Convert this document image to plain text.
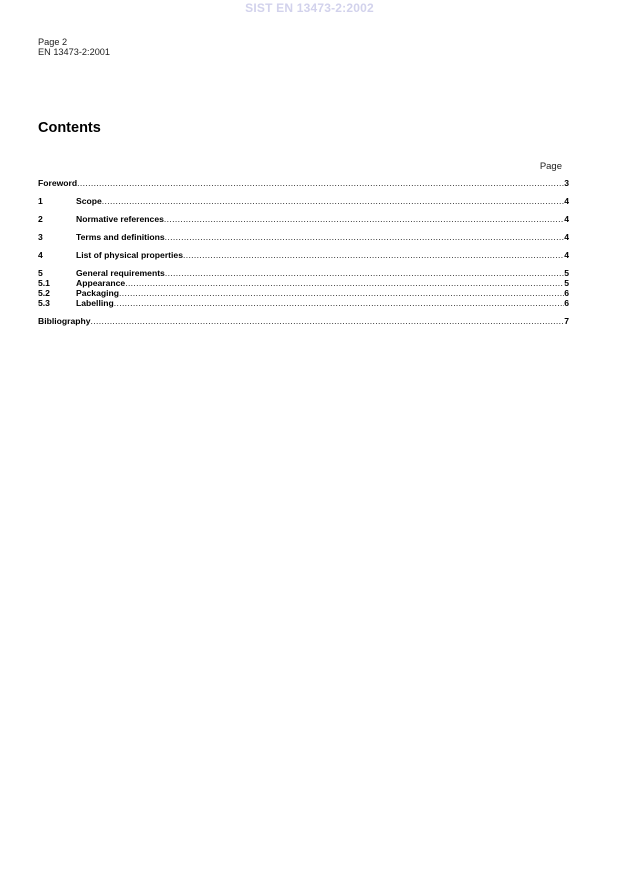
SIST EN 13473-2:2002
Page 2
EN 13473-2:2001
Contents
Page
Foreword .....	3
1	Scope .....	4
2	Normative references .....	4
3	Terms and definitions .....	4
4	List of physical properties .....	4
5	General requirements .....	5
5.1	Appearance .....	5
5.2	Packaging .....	6
5.3	Labelling .....	6
Bibliography .....	7
